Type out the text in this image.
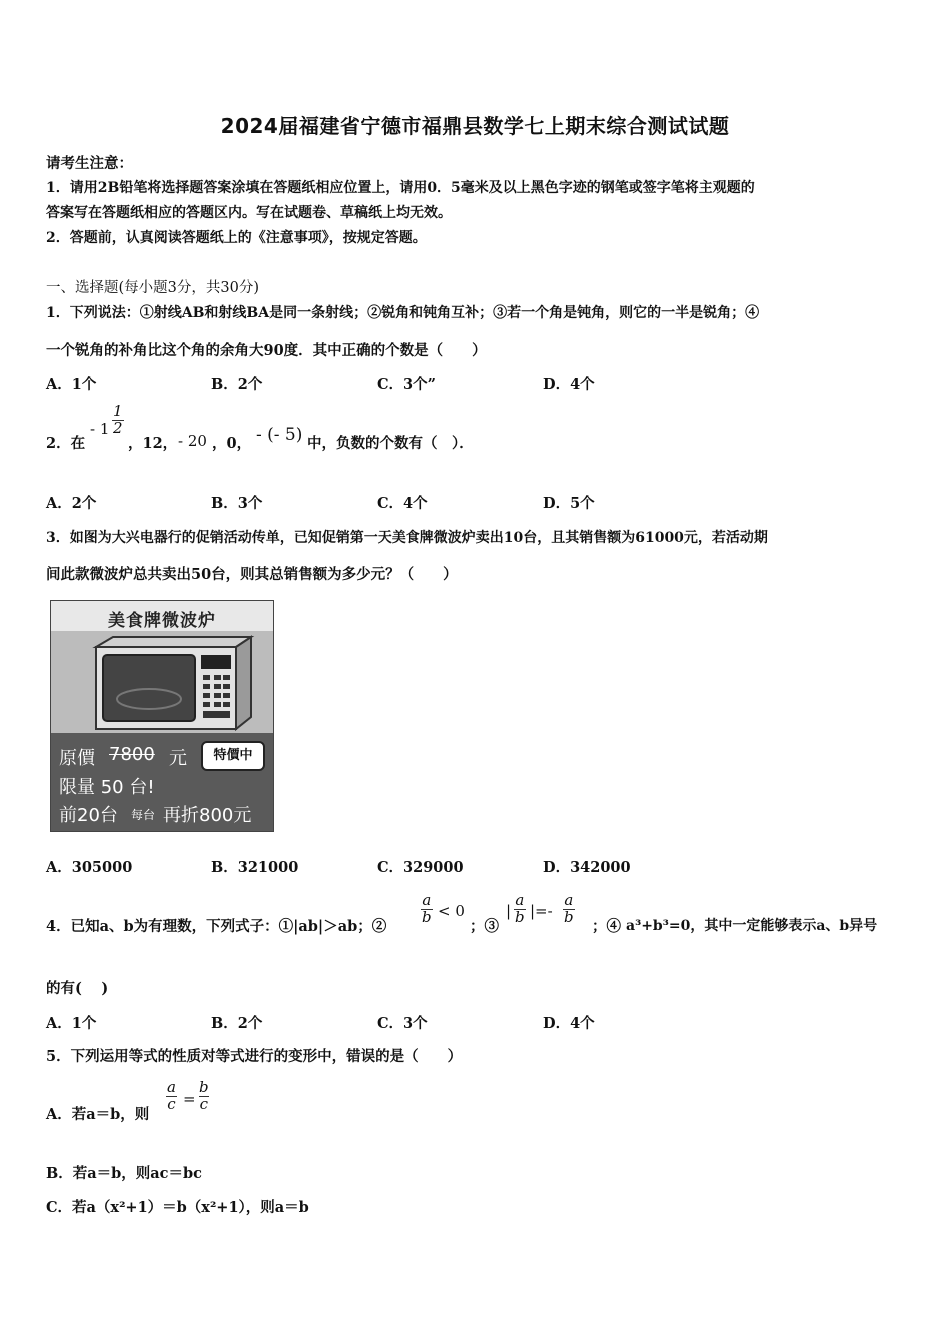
2024届福建省宁德市福鼎县数学七上期末综合测试试题
请考生注意：
1．请用2B铅笔将选择题答案涂填在答题纸相应位置上，请用0．5毫米及以上黑色字迹的钢笔或签字笔将主观题的
答案写在答题纸相应的答题区内。写在试题卷、草稿纸上均无效。
2．答题前，认真阅读答题纸上的《注意事项》，按规定答题。
一、选择题(每小题3分，共30分)
1．下列说法：①射线AB和射线BA是同一条射线；②锐角和钝角互补；③若一个角是钝角，则它的一半是锐角；④
一个锐角的补角比这个角的余角大90度．其中正确的个数是（　　）
A．1个	B．2个	C．3个”	D．4个
2．在
- $1 \frac{1}{2}$
，12， - 20 ，0， - (- 5) 中，负数的个数有（　）．
A．2个	B．3个	C．4个	D．5个
3．如图为大兴电器行的促销活动传单，已知促销第一天美食牌微波炉卖出10台，且其销售额为61000元，若活动期
间此款微波炉总共卖出50台，则其总销售额为多少元？（　　）
美食牌微波炉
原價 7800 元	特價中
限量 50 台!
前20台 每台 再折800元
A．305000	B．321000	C．329000	D．342000
4．已知a、b为有理数，下列式子：①|ab|＞ab；②
$\frac{a}{b} < 0$
；③
| $\frac{a}{b}$ |=- $\frac{a}{b}$
；④ a³+b³=0，其中一定能够表示a、b异号
的有(　 )
A．1个	B．2个	C．3个	D．4个
5．下列运用等式的性质对等式进行的变形中，错误的是（　　）
A．若a＝b，则
$\frac{a}{c} = \frac{b}{c}$
B．若a＝b，则ac＝bc
C．若a（x²+1）＝b（x²+1），则a＝b
